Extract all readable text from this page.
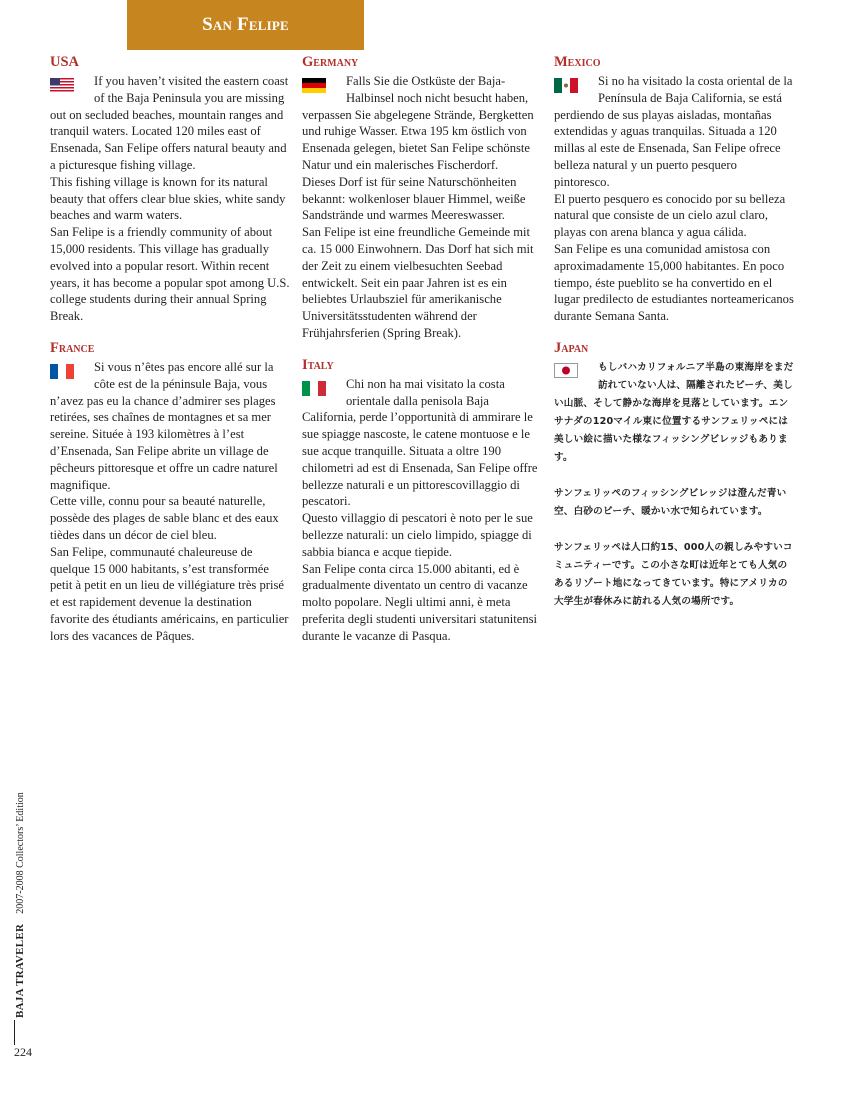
San Felipe
USA

If you haven’t visited the eastern coast of the Baja Peninsula you are missing out on secluded beaches, mountain ranges and tranquil waters. Located 120 miles east of Ensenada, San Felipe offers natural beauty and a picturesque fishing village.

This fishing village is known for its natural beauty that offers clear blue skies, white sandy beaches and warm waters.

San Felipe is a friendly community of about 15,000 residents. This village has gradually evolved into a popular resort. Within recent years, it has become a popular spot among U.S. college students during their annual Spring Break.

France

Si vous n’êtes pas encore allé sur la côte est de la péninsule Baja, vous n’avez pas eu la chance d’admirer ses plages retirées, ses chaînes de montagnes et sa mer sereine. Située à 193 kilomètres à l’est d’Ensenada, San Felipe abrite un village de pêcheurs pittoresque et offre un cadre naturel magnifique.

Cette ville, connu pour sa beauté naturelle, possède des plages de sable blanc et des eaux tièdes dans un décor de ciel bleu.

San Felipe, communauté chaleureuse de quelque 15 000 habitants, s’est transformée petit à petit en un lieu de villégiature très prisé et est rapidement devenue la destination favorite des étudiants américains, en particulier lors des vacances de Pâques.

Germany

Falls Sie die Ostküste der Baja-Halbinsel noch nicht besucht haben, verpassen Sie abgelegene Strände, Bergketten und ruhige Wasser. Etwa 195 km östlich von Ensenada gelegen, bietet San Felipe schönste Natur und ein malerisches Fischerdorf.

Dieses Dorf ist für seine Naturschönheiten bekannt: wolkenloser blauer Himmel, weiße Sandstrände und warmes Meereswasser.

San Felipe ist eine freundliche Gemeinde mit ca. 15 000 Einwohnern. Das Dorf hat sich mit der Zeit zu einem vielbesuchten Seebad entwickelt. Seit ein paar Jahren ist es ein beliebtes Urlaubsziel für amerikanische Universitätsstudenten während der Frühjahrsferien (Spring Break).

Italy

Chi non ha mai visitato la costa orientale dalla penisola Baja California, perde l’opportunità di ammirare le sue spiagge nascoste, le catene montuose e le sue acque tranquille. Situata a oltre 190 chilometri ad est di Ensenada, San Felipe offre bellezze naturali e un pittorescovillaggio di pescatori.

Questo villaggio di pescatori è noto per le sue bellezze naturali: un cielo limpido, spiagge di sabbia bianca e acque tiepide.

San Felipe conta circa 15.000 abitanti, ed è gradualmente diventato un centro di vacanze molto popolare. Negli ultimi anni, è meta preferita degli studenti universitari statunitensi durante le vacanze di Pasqua.

Mexico

Si no ha visitado la costa oriental de la Península de Baja California, se está perdiendo de sus playas aisladas, montañas extendidas y aguas tranquilas. Situada a 120 millas al este de Ensenada, San Felipe ofrece belleza natural y un puerto pesquero pintoresco.

El puerto pesquero es conocido por su belleza natural que consiste de un cielo azul claro, playas con arena blanca y agua cálida.

San Felipe es una comunidad amistosa con aproximadamente 15,000 habitantes. En poco tiempo, éste pueblito se ha convertido en el lugar predilecto de estudiantes norteamericanos durante Semana Santa.

Japan

もしバハカリフォルニア半島の東海岸をまだ訪れていない人は、隔離されたビーチ、美しい山脈、そして静かな海岸を見落としています。エンサナダの120マイル東に位置するサンフェリッペには美しい絵に描いた様なフィッシングビレッジもあります。

サンフェリッペのフィッシングビレッジは澄んだ青い空、白砂のビーチ、暖かい水で知られています。

サンフェリッペは人口約15、000人の親しみやすいコミュニティーです。この小さな町は近年とても人気のあるリゾート地になってきています。特にアメリカの大学生が春休みに訪れる人気の場所です。

BAJA TRAVELER
2007-2008 Collectors’ Edition
224
